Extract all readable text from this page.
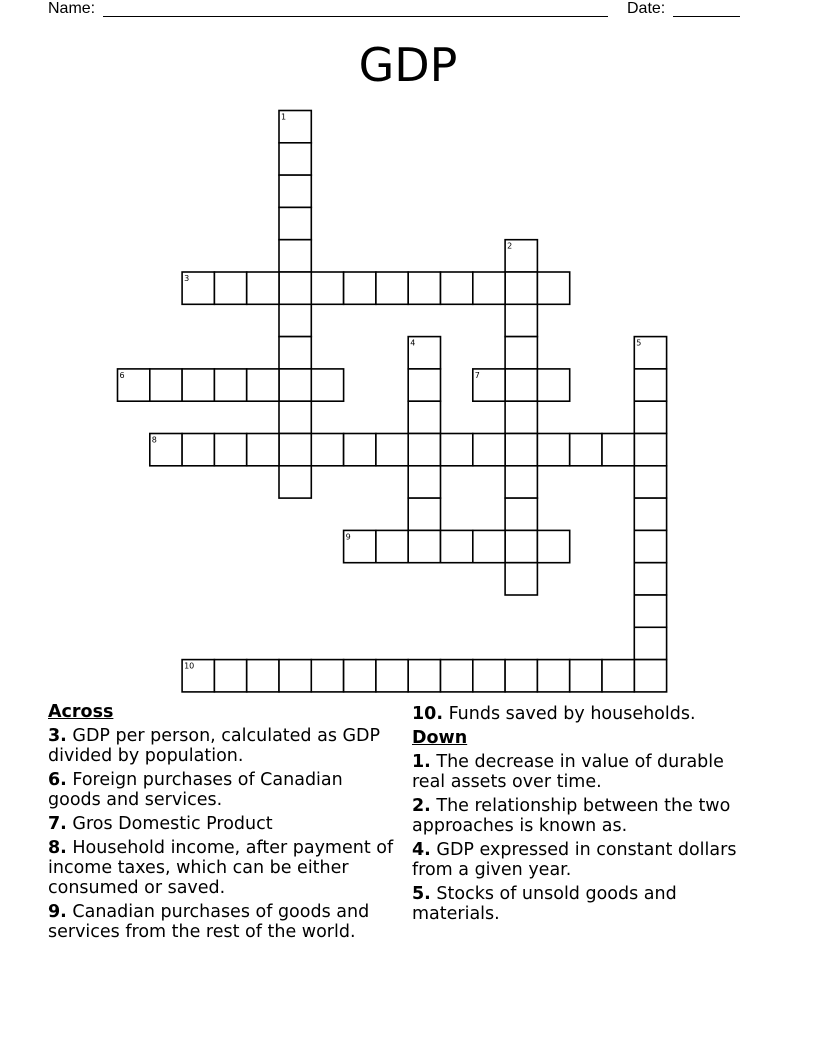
Name:	Date:
GDP
1
2
3
4	5
6	7
8
9
10
Across
3. GDP per person, calculated as GDP divided by population.
6. Foreign purchases of Canadian goods and services.
7. Gros Domestic Product
8. Household income, after payment of income taxes, which can be either consumed or saved.
9. Canadian purchases of goods and services from the rest of the world.
10. Funds saved by households.
Down
1. The decrease in value of durable real assets over time.
2. The relationship between the two approaches is known as.
4. GDP expressed in constant dollars from a given year.
5. Stocks of unsold goods and materials.
